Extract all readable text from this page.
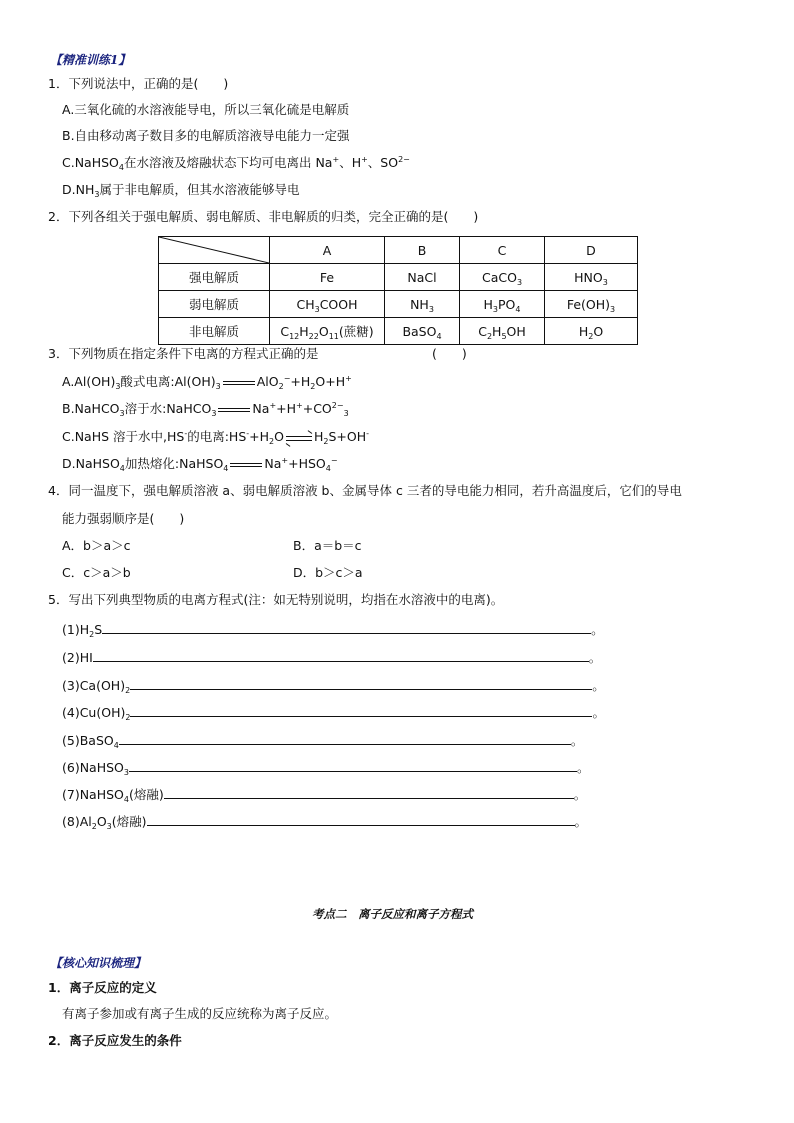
【精准训练1】
1．下列说法中，正确的是(　　)
A.三氧化硫的水溶液能导电，所以三氧化硫是电解质
B.自由移动离子数目多的电解质溶液导电能力一定强
C.NaHSO$_4$在水溶液及熔融状态下均可电离出 Na+、H+、$SO^{2-}$
$D.NH_3$属于非电解质，但其水溶液能够导电
2．下列各组关于强电解质、弱电解质、非电解质的归类，完全正确的是(　　)
	A	B	C	D
强电解质	Fe	NaCl	CaCO$_3$	$HNO_3$
弱电解质	$CH_3COOH$	$NH_3$	$H_3PO_4$	$Fe(OH)_3$
非电解质	$C_{12}H_{22}O_{11}$(蔗糖)	BaSO$_4$	$C_2H_5OH$	$H_2O$
3．下列物质在指定条件下电离的方程式正确的是	(　　)
$A.Al(OH)_3$酸式电离$:Al(OH)_3$	$AlO_2^-+H_2O+H^+$
B.NaHCO$_3$溶于水:NaHCO$_3$	$Na^++H^++CO^{2-}_3$
C.NaHS 溶于水中,HS-的电离$:HS^-+H_2O\rightleftharpoons H_2S+OH^-$
D.NaHSO$_4$加热熔化:NaHSO$_4$	$Na^++HSO_4^-$
4．同一温度下，强电解质溶液 a、弱电解质溶液 b、金属导体 c 三者的导电能力相同，若升高温度后，它们的导电
能力强弱顺序是(　　)
A．b＞a＞c	B．a＝b＝c
C．c＞a＞b	D．b＞c＞a
5．写出下列典型物质的电离方程式(注：如无特别说明，均指在水溶液中的电离)。
$(1)H_2S$	。
(2)HI	。
$(3)Ca(OH)_2$	。
$(4)Cu(OH)_2$	。
(5)BaSO$_4$	。
(6)NaHSO$_3$	。
(7)NaHSO$_4$(熔融)	。
$(8)Al_2O_3$(熔融)	。
考点二　离子反应和离子方程式
【核心知识梳理】
1．离子反应的定义
有离子参加或有离子生成的反应统称为离子反应。
2．离子反应发生的条件
